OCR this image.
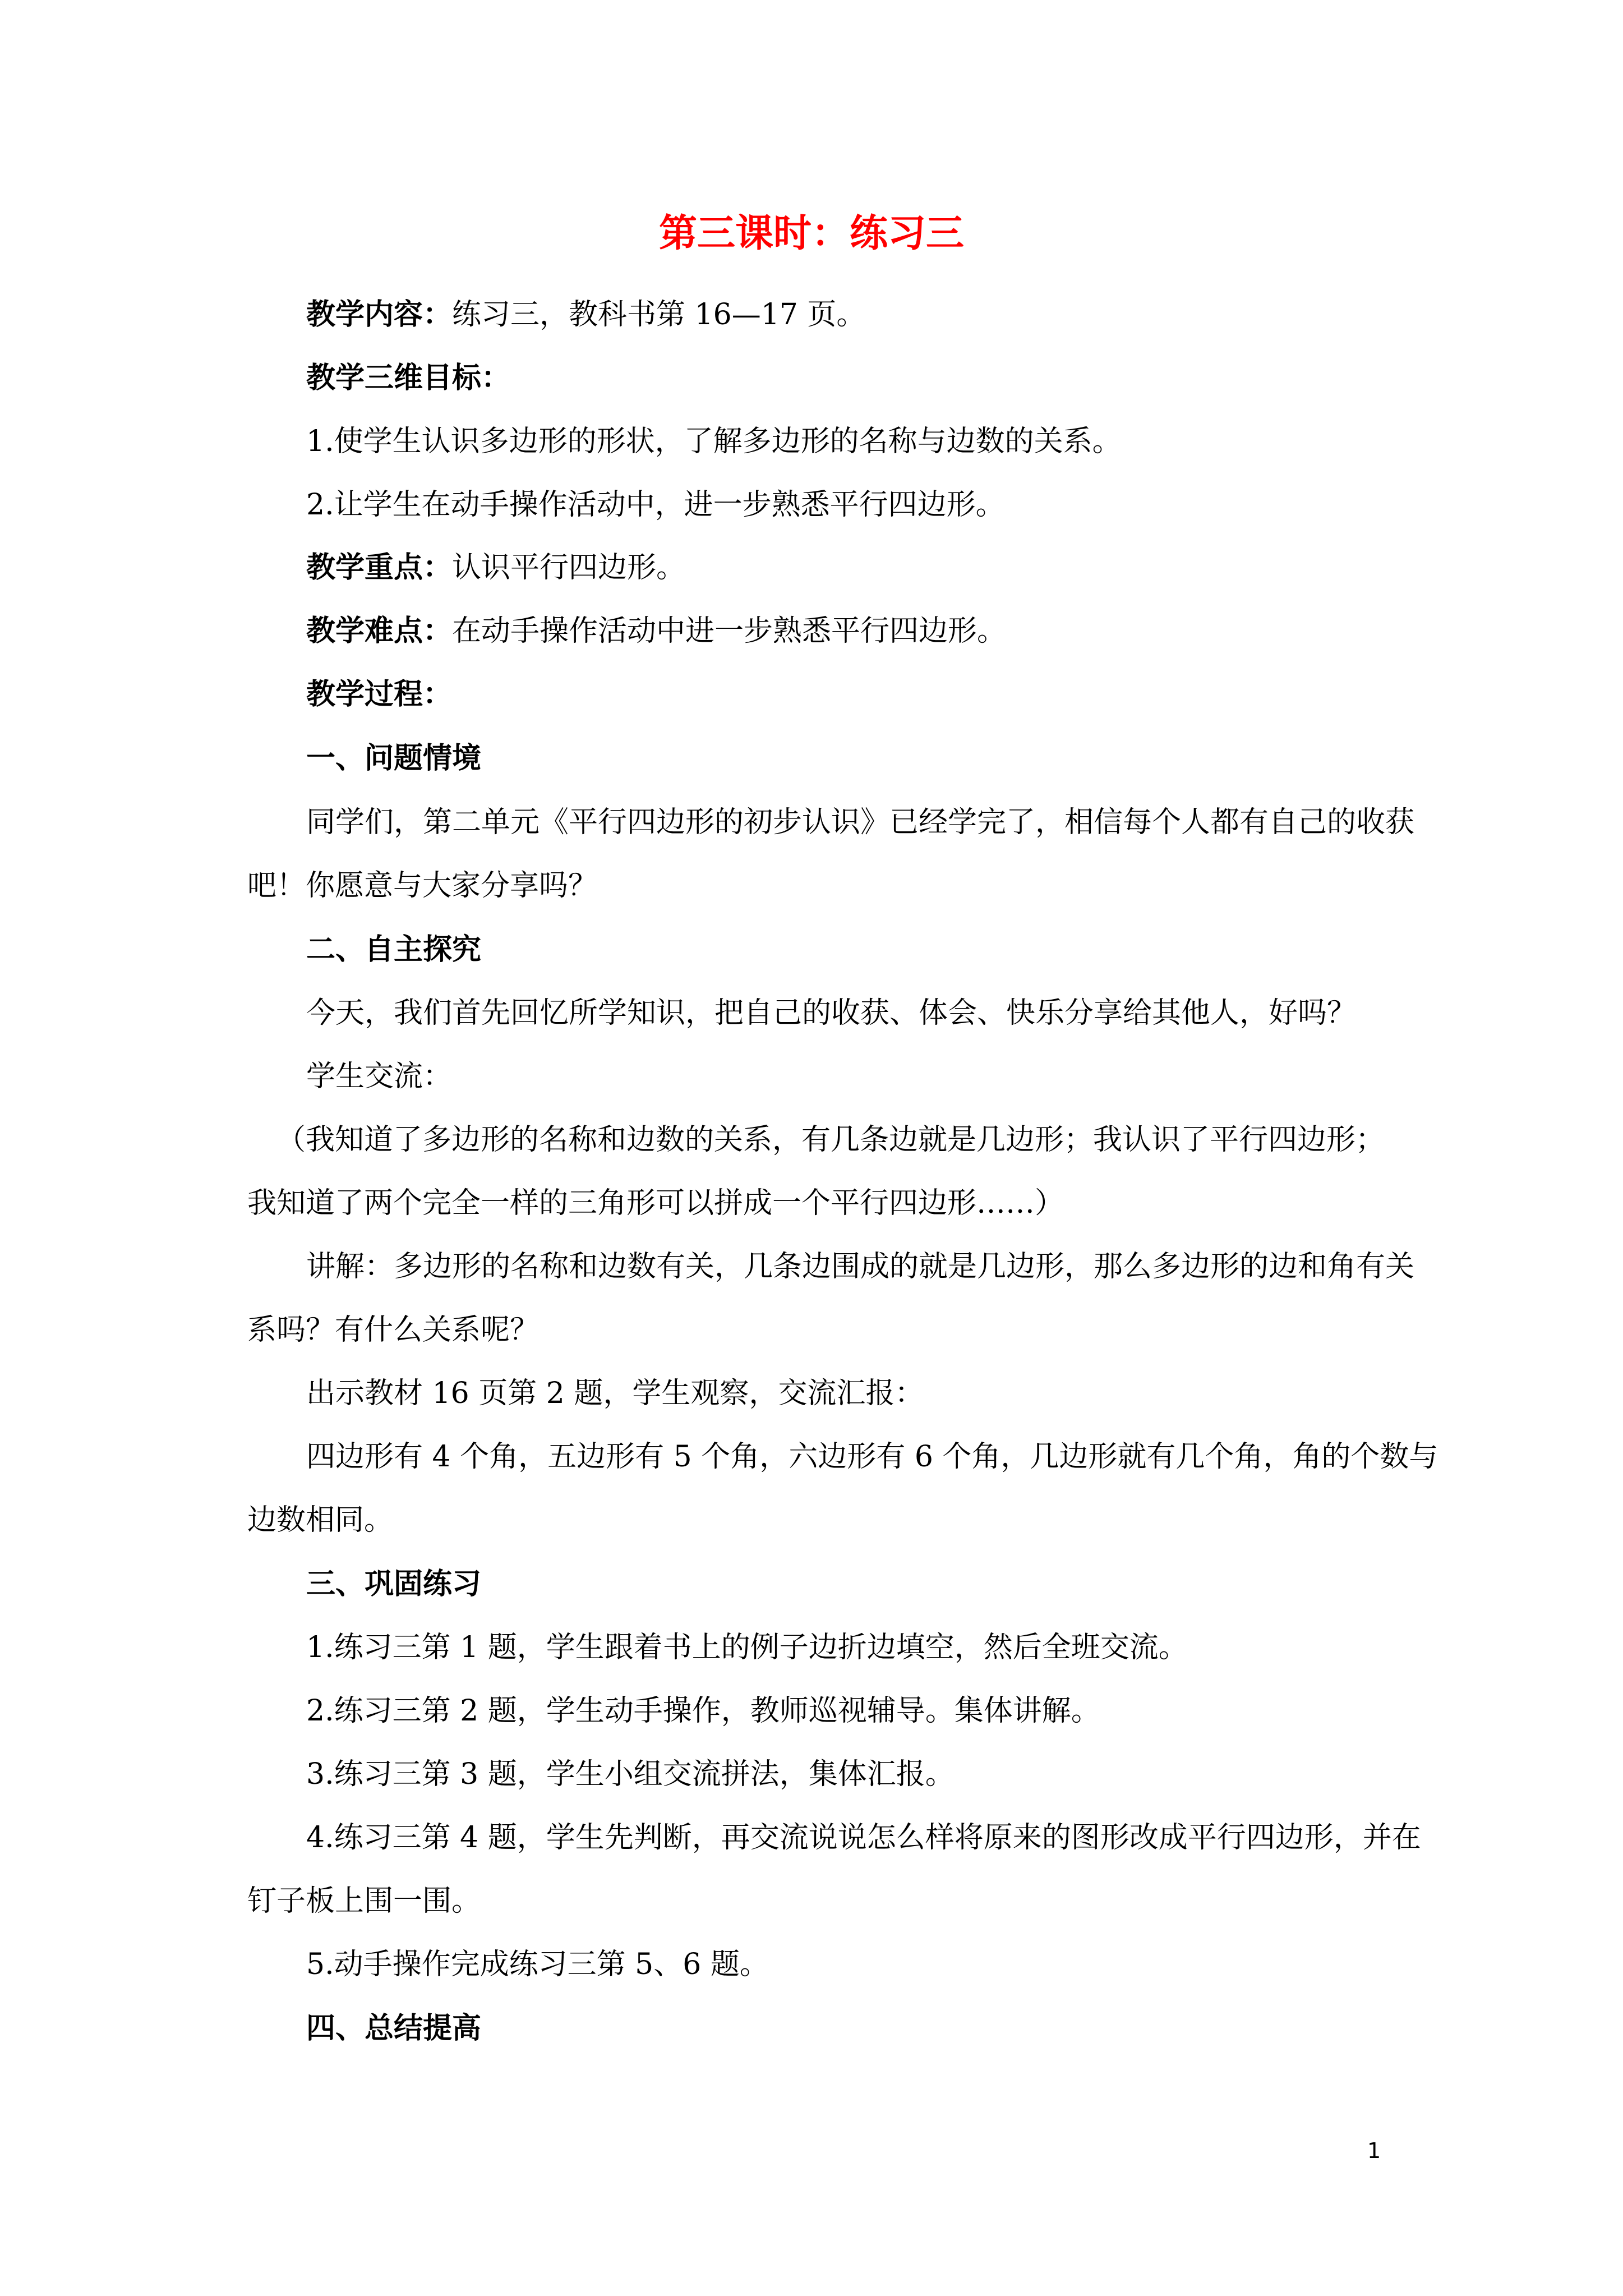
第三课时：练习三
教学内容：练习三，教科书第 16—17 页。
教学三维目标：
1.使学生认识多边形的形状，了解多边形的名称与边数的关系。
2.让学生在动手操作活动中，进一步熟悉平行四边形。
教学重点：认识平行四边形。
教学难点：在动手操作活动中进一步熟悉平行四边形。
教学过程：
一、问题情境
同学们，第二单元《平行四边形的初步认识》已经学完了，相信每个人都有自己的收获
吧！你愿意与大家分享吗？
二、自主探究
今天，我们首先回忆所学知识，把自己的收获、体会、快乐分享给其他人，好吗？
学生交流：
（我知道了多边形的名称和边数的关系，有几条边就是几边形；我认识了平行四边形；
我知道了两个完全一样的三角形可以拼成一个平行四边形……）
讲解：多边形的名称和边数有关，几条边围成的就是几边形，那么多边形的边和角有关
系吗？有什么关系呢？
出示教材 16 页第 2 题，学生观察，交流汇报：
四边形有 4 个角，五边形有 5 个角，六边形有 6 个角，几边形就有几个角，角的个数与
边数相同。
三、巩固练习
1.练习三第 1 题，学生跟着书上的例子边折边填空，然后全班交流。
2.练习三第 2 题，学生动手操作，教师巡视辅导。集体讲解。
3.练习三第 3 题，学生小组交流拼法，集体汇报。
4.练习三第 4 题，学生先判断，再交流说说怎么样将原来的图形改成平行四边形，并在
钉子板上围一围。
5.动手操作完成练习三第 5、6 题。
四、总结提高
1
